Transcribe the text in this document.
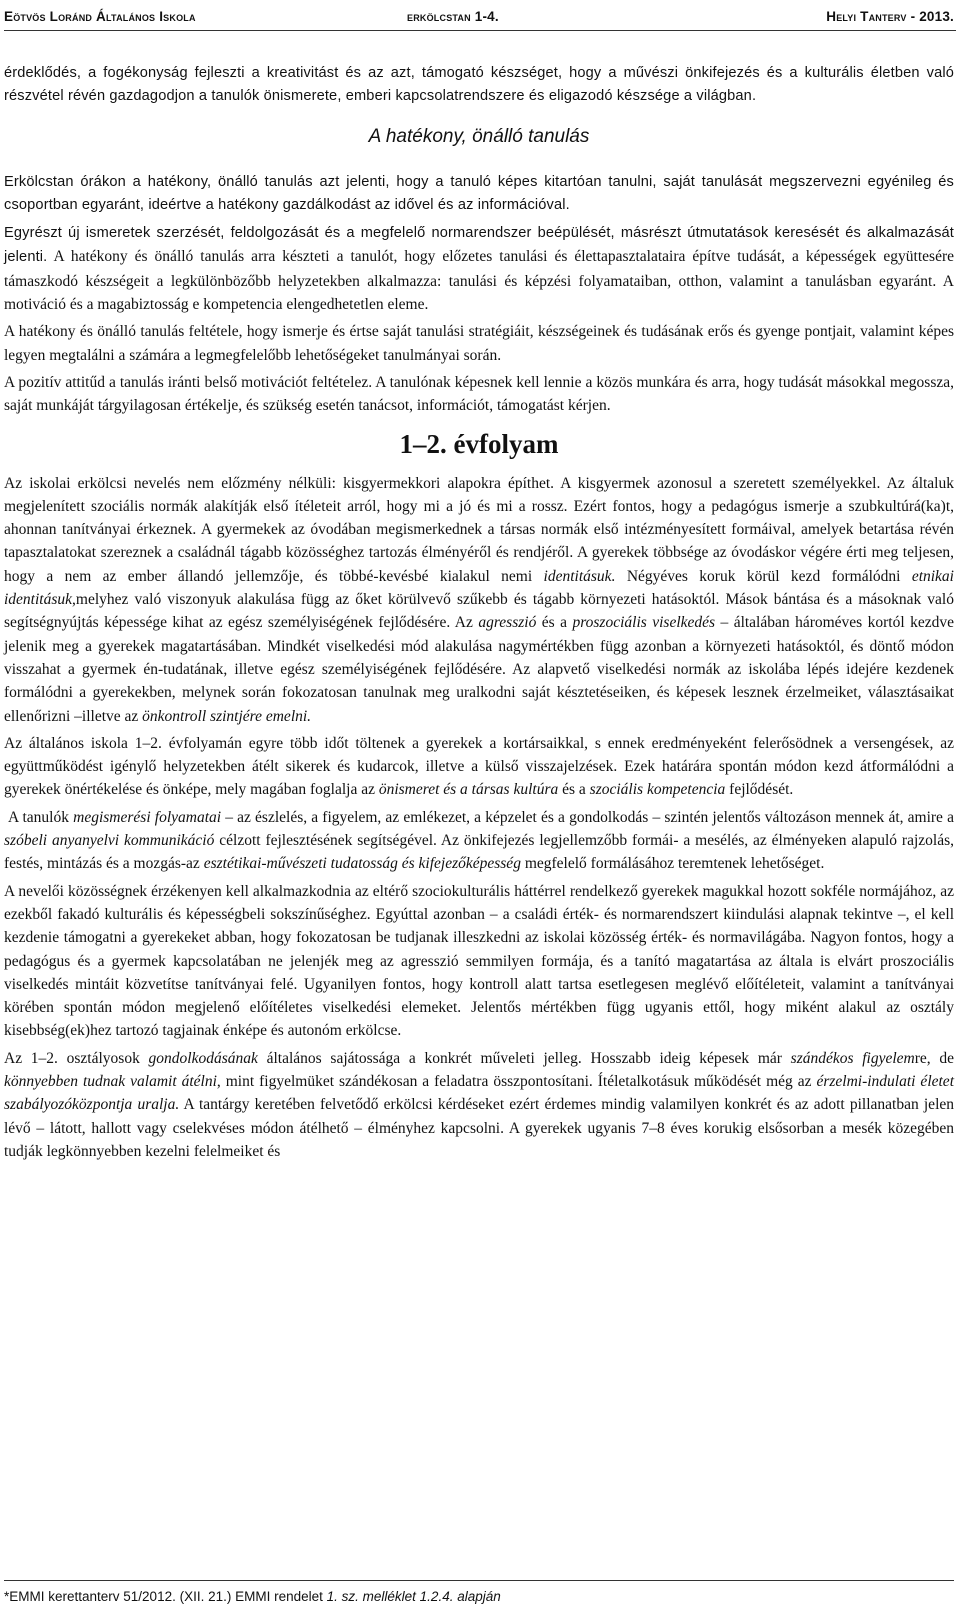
Eötvös Loránd Általános Iskola	erkölcstan 1-4.	Helyi Tanterv - 2013.

érdeklődés, a fogékonyság fejleszti a kreativitást és az azt, támogató készséget, hogy a művészi önkifejezés és a kulturális életben való részvétel révén gazdagodjon a tanulók önismerete, emberi kapcsolatrendszere és eligazodó készsége a világban.

A hatékony, önálló tanulás

Erkölcstan órákon a hatékony, önálló tanulás azt jelenti, hogy a tanuló képes kitartóan tanulni, saját tanulását megszervezni egyénileg és csoportban egyaránt, ideértve a hatékony gazdálkodást az idővel és az információval.

Egyrészt új ismeretek szerzését, feldolgozását és a megfelelő normarendszer beépülését, másrészt útmutatások keresését és alkalmazását jelenti. A hatékony és önálló tanulás arra készteti a tanulót, hogy előzetes tanulási és élettapasztalataira építve tudását, a képességek együttesére támaszkodó készségeit a legkülönbözőbb helyzetekben alkalmazza: tanulási és képzési folyamataiban, otthon, valamint a tanulásban egyaránt. A motiváció és a magabiztosság e kompetencia elengedhetetlen eleme.

A hatékony és önálló tanulás feltétele, hogy ismerje és értse saját tanulási stratégiáit, készségeinek és tudásának erős és gyenge pontjait, valamint képes legyen megtalálni a számára a legmegfelelőbb lehetőségeket tanulmányai során.

A pozitív attitűd a tanulás iránti belső motivációt feltételez. A tanulónak képesnek kell lennie a közös munkára és arra, hogy tudását másokkal megossza, saját munkáját tárgyilagosan értékelje, és szükség esetén tanácsot, információt, támogatást kérjen.

1–2. évfolyam

Az iskolai erkölcsi nevelés nem előzmény nélküli: kisgyermekkori alapokra építhet. A kisgyermek azonosul a szeretett személyekkel. Az általuk megjelenített szociális normák alakítják első ítéleteit arról, hogy mi a jó és mi a rossz. Ezért fontos, hogy a pedagógus ismerje a szubkultúrá(ka)t, ahonnan tanítványai érkeznek. A gyermekek az óvodában megismerkednek a társas normák első intézményesített formáival, amelyek betartása révén tapasztalatokat szereznek a családnál tágabb közösséghez tartozás élményéről és rendjéről. A gyerekek többsége az óvodáskor végére érti meg teljesen, hogy a nem az ember állandó jellemzője, és többé-kevésbé kialakul nemi identitásuk. Négyéves koruk körül kezd formálódni etnikai identitásuk,melyhez való viszonyuk alakulása függ az őket körülvevő szűkebb és tágabb környezeti hatásoktól. Mások bántása és a másoknak való segítségnyújtás képessége kihat az egész személyiségének fejlődésére. Az agresszió és a proszociális viselkedés – általában hároméves kortól kezdve jelenik meg a gyerekek magatartásában. Mindkét viselkedési mód alakulása nagymértékben függ azonban a környezeti hatásoktól, és döntő módon visszahat a gyermek én-tudatának, illetve egész személyiségének fejlődésére. Az alapvető viselkedési normák az iskolába lépés idejére kezdenek formálódni a gyerekekben, melynek során fokozatosan tanulnak meg uralkodni saját késztetéseiken, és képesek lesznek érzelmeiket, választásaikat ellenőrizni –illetve az önkontroll szintjére emelni.

Az általános iskola 1–2. évfolyamán egyre több időt töltenek a gyerekek a kortársaikkal, s ennek eredményeként felerősödnek a versengések, az együttműködést igénylő helyzetekben átélt sikerek és kudarcok, illetve a külső visszajelzések. Ezek határára spontán módon kezd átformálódni a gyerekek önértékelése és önképe, mely magában foglalja az önismeret és a társas kultúra és a szociális kompetencia fejlődését.

A tanulók megismerési folyamatai – az észlelés, a figyelem, az emlékezet, a képzelet és a gondolkodás – szintén jelentős változáson mennek át, amire a szóbeli anyanyelvi kommunikáció célzott fejlesztésének segítségével. Az önkifejezés legjellemzőbb formái- a mesélés, az élményeken alapuló rajzolás, festés, mintázás és a mozgás-az esztétikai-művészeti tudatosság és kifejezőképesség megfelelő formálásához teremtenek lehetőséget.

A nevelői közösségnek érzékenyen kell alkalmazkodnia az eltérő szociokulturális háttérrel rendelkező gyerekek magukkal hozott sokféle normájához, az ezekből fakadó kulturális és képességbeli sokszínűséghez. Egyúttal azonban – a családi érték- és normarendszert kiindulási alapnak tekintve –, el kell kezdenie támogatni a gyerekeket abban, hogy fokozatosan be tudjanak illeszkedni az iskolai közösség érték- és normavilágába. Nagyon fontos, hogy a pedagógus és a gyermek kapcsolatában ne jelenjék meg az agresszió semmilyen formája, és a tanító magatartása az általa is elvárt proszociális viselkedés mintáit közvetítse tanítványai felé. Ugyanilyen fontos, hogy kontroll alatt tartsa esetlegesen meglévő előítéleteit, valamint a tanítványai körében spontán módon megjelenő előítéletes viselkedési elemeket. Jelentős mértékben függ ugyanis ettől, hogy miként alakul az osztály kisebbség(ek)hez tartozó tagjainak énképe és autonóm erkölcse.

Az 1–2. osztályosok gondolkodásának általános sajátossága a konkrét műveleti jelleg. Hosszabb ideig képesek már szándékos figyelemre, de könnyebben tudnak valamit átélni, mint figyelmüket szándékosan a feladatra összpontosítani. Ítéletalkotásuk működését még az érzelmi-indulati életet szabályozóközpontja uralja. A tantárgy keretében felvetődő erkölcsi kérdéseket ezért érdemes mindig valamilyen konkrét és az adott pillanatban jelen lévő – látott, hallott vagy cselekvéses módon átélhető – élményhez kapcsolni. A gyerekek ugyanis 7–8 éves korukig elsősorban a mesék közegében tudják legkönnyebben kezelni felelmeiket és

*EMMI kerettanterv 51/2012. (XII. 21.) EMMI rendelet 1. sz. melléklet 1.2.4. alapján
